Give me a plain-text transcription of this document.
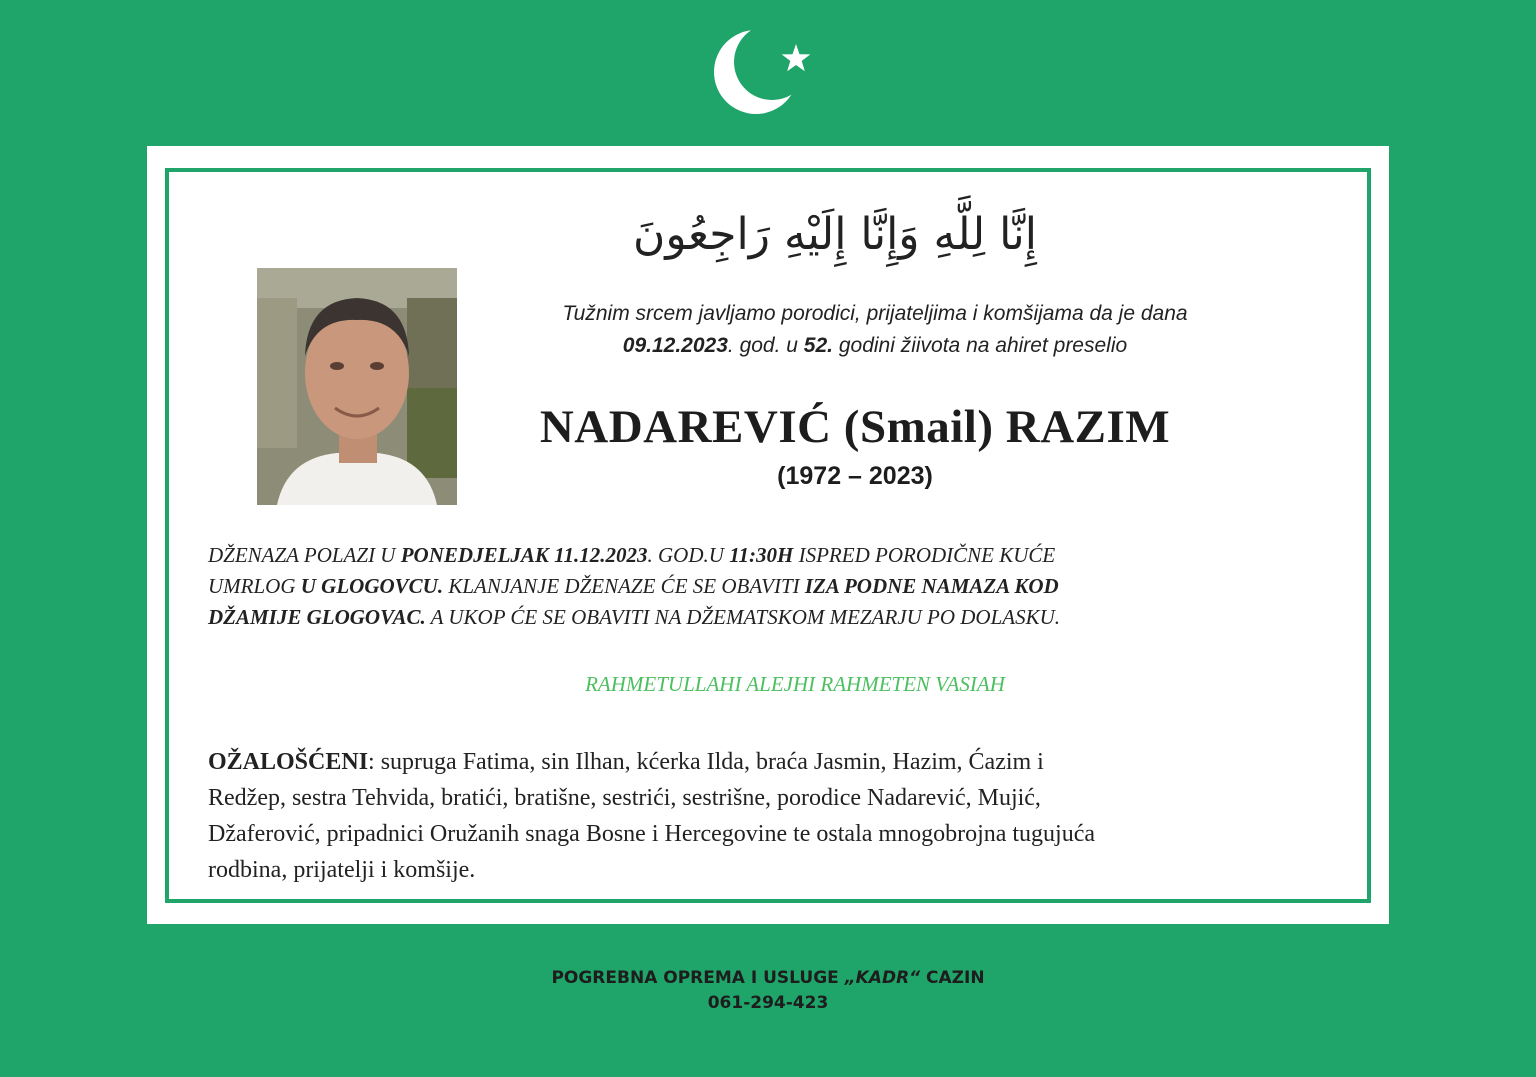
إِنَّا لِلَّهِ وَإِنَّا إِلَيْهِ رَاجِعُونَ
Tužnim srcem javljamo porodici, prijateljima i komšijama da je dana
09.12.2023. god. u 52. godini žiivota na ahiret preselio
NADAREVIĆ (Smail) RAZIM
(1972 – 2023)
DŽENAZA POLAZI U PONEDJELJAK 11.12.2023. GOD.U 11:30H ISPRED PORODIČNE KUĆE
UMRLOG U GLOGOVCU. KLANJANJE DŽENAZE ĆE SE OBAVITI IZA PODNE NAMAZA KOD
DŽAMIJE GLOGOVAC. A UKOP ĆE SE OBAVITI NA DŽEMATSKOM MEZARJU PO DOLASKU.
RAHMETULLAHI ALEJHI RAHMETEN VASIAH
OŽALOŠĆENI: supruga Fatima, sin Ilhan, kćerka Ilda, braća Jasmin, Hazim, Ćazim i
Redžep, sestra Tehvida, bratići, bratišne, sestrići, sestrišne, porodice Nadarević, Mujić,
Džaferović, pripadnici Oružanih snaga Bosne i Hercegovine te ostala mnogobrojna tugujuća
rodbina, prijatelji i komšije.
POGREBNA OPREMA I USLUGE „KADR“ CAZIN
061-294-423
